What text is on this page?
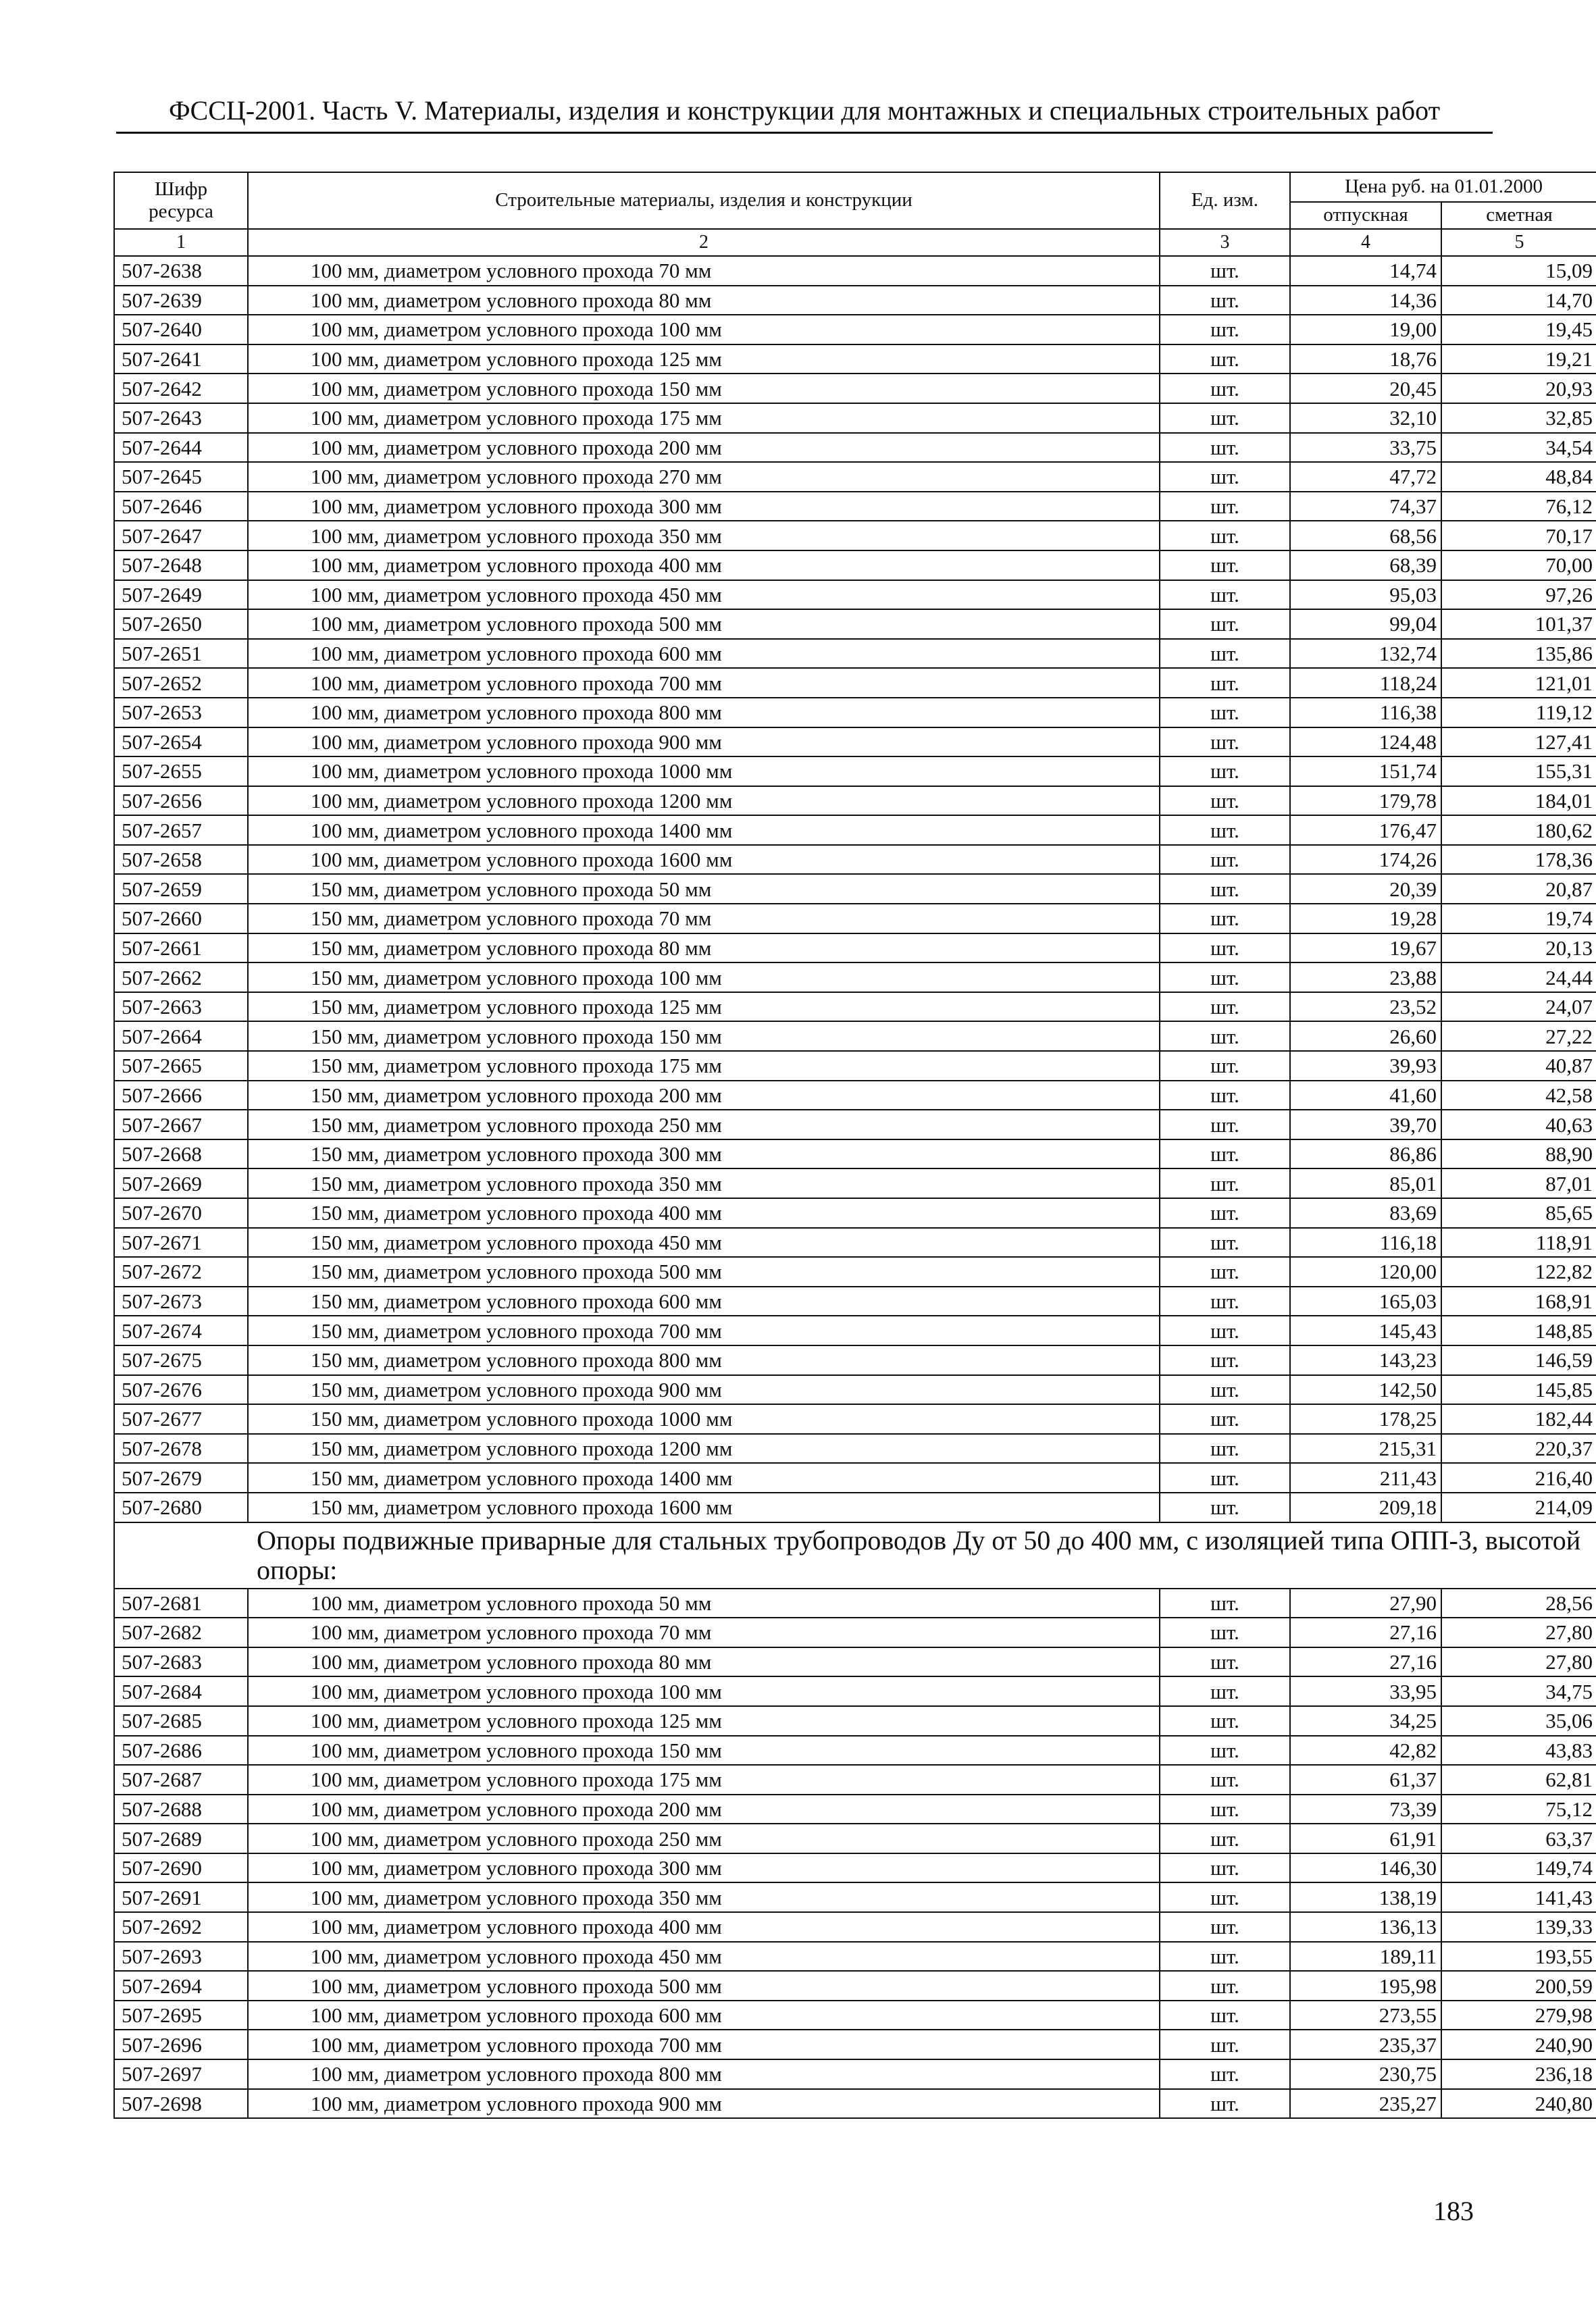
ФССЦ-2001. Часть V. Материалы, изделия и конструкции для монтажных и специальных строительных работ
Шифр ресурса	Строительные материалы, изделия и конструкции	Ед. изм.	Цена руб. на 01.01.2000	
			отпускная	сметная
1	2	3	4	5
507-2638	100 мм, диаметром условного прохода 70 мм	шт.	14,74	15,09
507-2639	100 мм, диаметром условного прохода 80 мм	шт.	14,36	14,70
507-2640	100 мм, диаметром условного прохода 100 мм	шт.	19,00	19,45
507-2641	100 мм, диаметром условного прохода 125 мм	шт.	18,76	19,21
507-2642	100 мм, диаметром условного прохода 150 мм	шт.	20,45	20,93
507-2643	100 мм, диаметром условного прохода 175 мм	шт.	32,10	32,85
507-2644	100 мм, диаметром условного прохода 200 мм	шт.	33,75	34,54
507-2645	100 мм, диаметром условного прохода 270 мм	шт.	47,72	48,84
507-2646	100 мм, диаметром условного прохода 300 мм	шт.	74,37	76,12
507-2647	100 мм, диаметром условного прохода 350 мм	шт.	68,56	70,17
507-2648	100 мм, диаметром условного прохода 400 мм	шт.	68,39	70,00
507-2649	100 мм, диаметром условного прохода 450 мм	шт.	95,03	97,26
507-2650	100 мм, диаметром условного прохода 500 мм	шт.	99,04	101,37
507-2651	100 мм, диаметром условного прохода 600 мм	шт.	132,74	135,86
507-2652	100 мм, диаметром условного прохода 700 мм	шт.	118,24	121,01
507-2653	100 мм, диаметром условного прохода 800 мм	шт.	116,38	119,12
507-2654	100 мм, диаметром условного прохода 900 мм	шт.	124,48	127,41
507-2655	100 мм, диаметром условного прохода 1000 мм	шт.	151,74	155,31
507-2656	100 мм, диаметром условного прохода 1200 мм	шт.	179,78	184,01
507-2657	100 мм, диаметром условного прохода 1400 мм	шт.	176,47	180,62
507-2658	100 мм, диаметром условного прохода 1600 мм	шт.	174,26	178,36
507-2659	150 мм, диаметром условного прохода 50 мм	шт.	20,39	20,87
507-2660	150 мм, диаметром условного прохода 70 мм	шт.	19,28	19,74
507-2661	150 мм, диаметром условного прохода 80 мм	шт.	19,67	20,13
507-2662	150 мм, диаметром условного прохода 100 мм	шт.	23,88	24,44
507-2663	150 мм, диаметром условного прохода 125 мм	шт.	23,52	24,07
507-2664	150 мм, диаметром условного прохода 150 мм	шт.	26,60	27,22
507-2665	150 мм, диаметром условного прохода 175 мм	шт.	39,93	40,87
507-2666	150 мм, диаметром условного прохода 200 мм	шт.	41,60	42,58
507-2667	150 мм, диаметром условного прохода 250 мм	шт.	39,70	40,63
507-2668	150 мм, диаметром условного прохода 300 мм	шт.	86,86	88,90
507-2669	150 мм, диаметром условного прохода 350 мм	шт.	85,01	87,01
507-2670	150 мм, диаметром условного прохода 400 мм	шт.	83,69	85,65
507-2671	150 мм, диаметром условного прохода 450 мм	шт.	116,18	118,91
507-2672	150 мм, диаметром условного прохода 500 мм	шт.	120,00	122,82
507-2673	150 мм, диаметром условного прохода 600 мм	шт.	165,03	168,91
507-2674	150 мм, диаметром условного прохода 700 мм	шт.	145,43	148,85
507-2675	150 мм, диаметром условного прохода 800 мм	шт.	143,23	146,59
507-2676	150 мм, диаметром условного прохода 900 мм	шт.	142,50	145,85
507-2677	150 мм, диаметром условного прохода 1000 мм	шт.	178,25	182,44
507-2678	150 мм, диаметром условного прохода 1200 мм	шт.	215,31	220,37
507-2679	150 мм, диаметром условного прохода 1400 мм	шт.	211,43	216,40
507-2680	150 мм, диаметром условного прохода 1600 мм	шт.	209,18	214,09
Опоры подвижные приварные для стальных трубопроводов Ду от 50 до 400 мм, с изоляцией типа ОПП-3, высотой опоры:				
507-2681	100 мм, диаметром условного прохода 50 мм	шт.	27,90	28,56
507-2682	100 мм, диаметром условного прохода 70 мм	шт.	27,16	27,80
507-2683	100 мм, диаметром условного прохода 80 мм	шт.	27,16	27,80
507-2684	100 мм, диаметром условного прохода 100 мм	шт.	33,95	34,75
507-2685	100 мм, диаметром условного прохода 125 мм	шт.	34,25	35,06
507-2686	100 мм, диаметром условного прохода 150 мм	шт.	42,82	43,83
507-2687	100 мм, диаметром условного прохода 175 мм	шт.	61,37	62,81
507-2688	100 мм, диаметром условного прохода 200 мм	шт.	73,39	75,12
507-2689	100 мм, диаметром условного прохода 250 мм	шт.	61,91	63,37
507-2690	100 мм, диаметром условного прохода 300 мм	шт.	146,30	149,74
507-2691	100 мм, диаметром условного прохода 350 мм	шт.	138,19	141,43
507-2692	100 мм, диаметром условного прохода 400 мм	шт.	136,13	139,33
507-2693	100 мм, диаметром условного прохода 450 мм	шт.	189,11	193,55
507-2694	100 мм, диаметром условного прохода 500 мм	шт.	195,98	200,59
507-2695	100 мм, диаметром условного прохода 600 мм	шт.	273,55	279,98
507-2696	100 мм, диаметром условного прохода 700 мм	шт.	235,37	240,90
507-2697	100 мм, диаметром условного прохода 800 мм	шт.	230,75	236,18
507-2698	100 мм, диаметром условного прохода 900 мм	шт.	235,27	240,80
183
